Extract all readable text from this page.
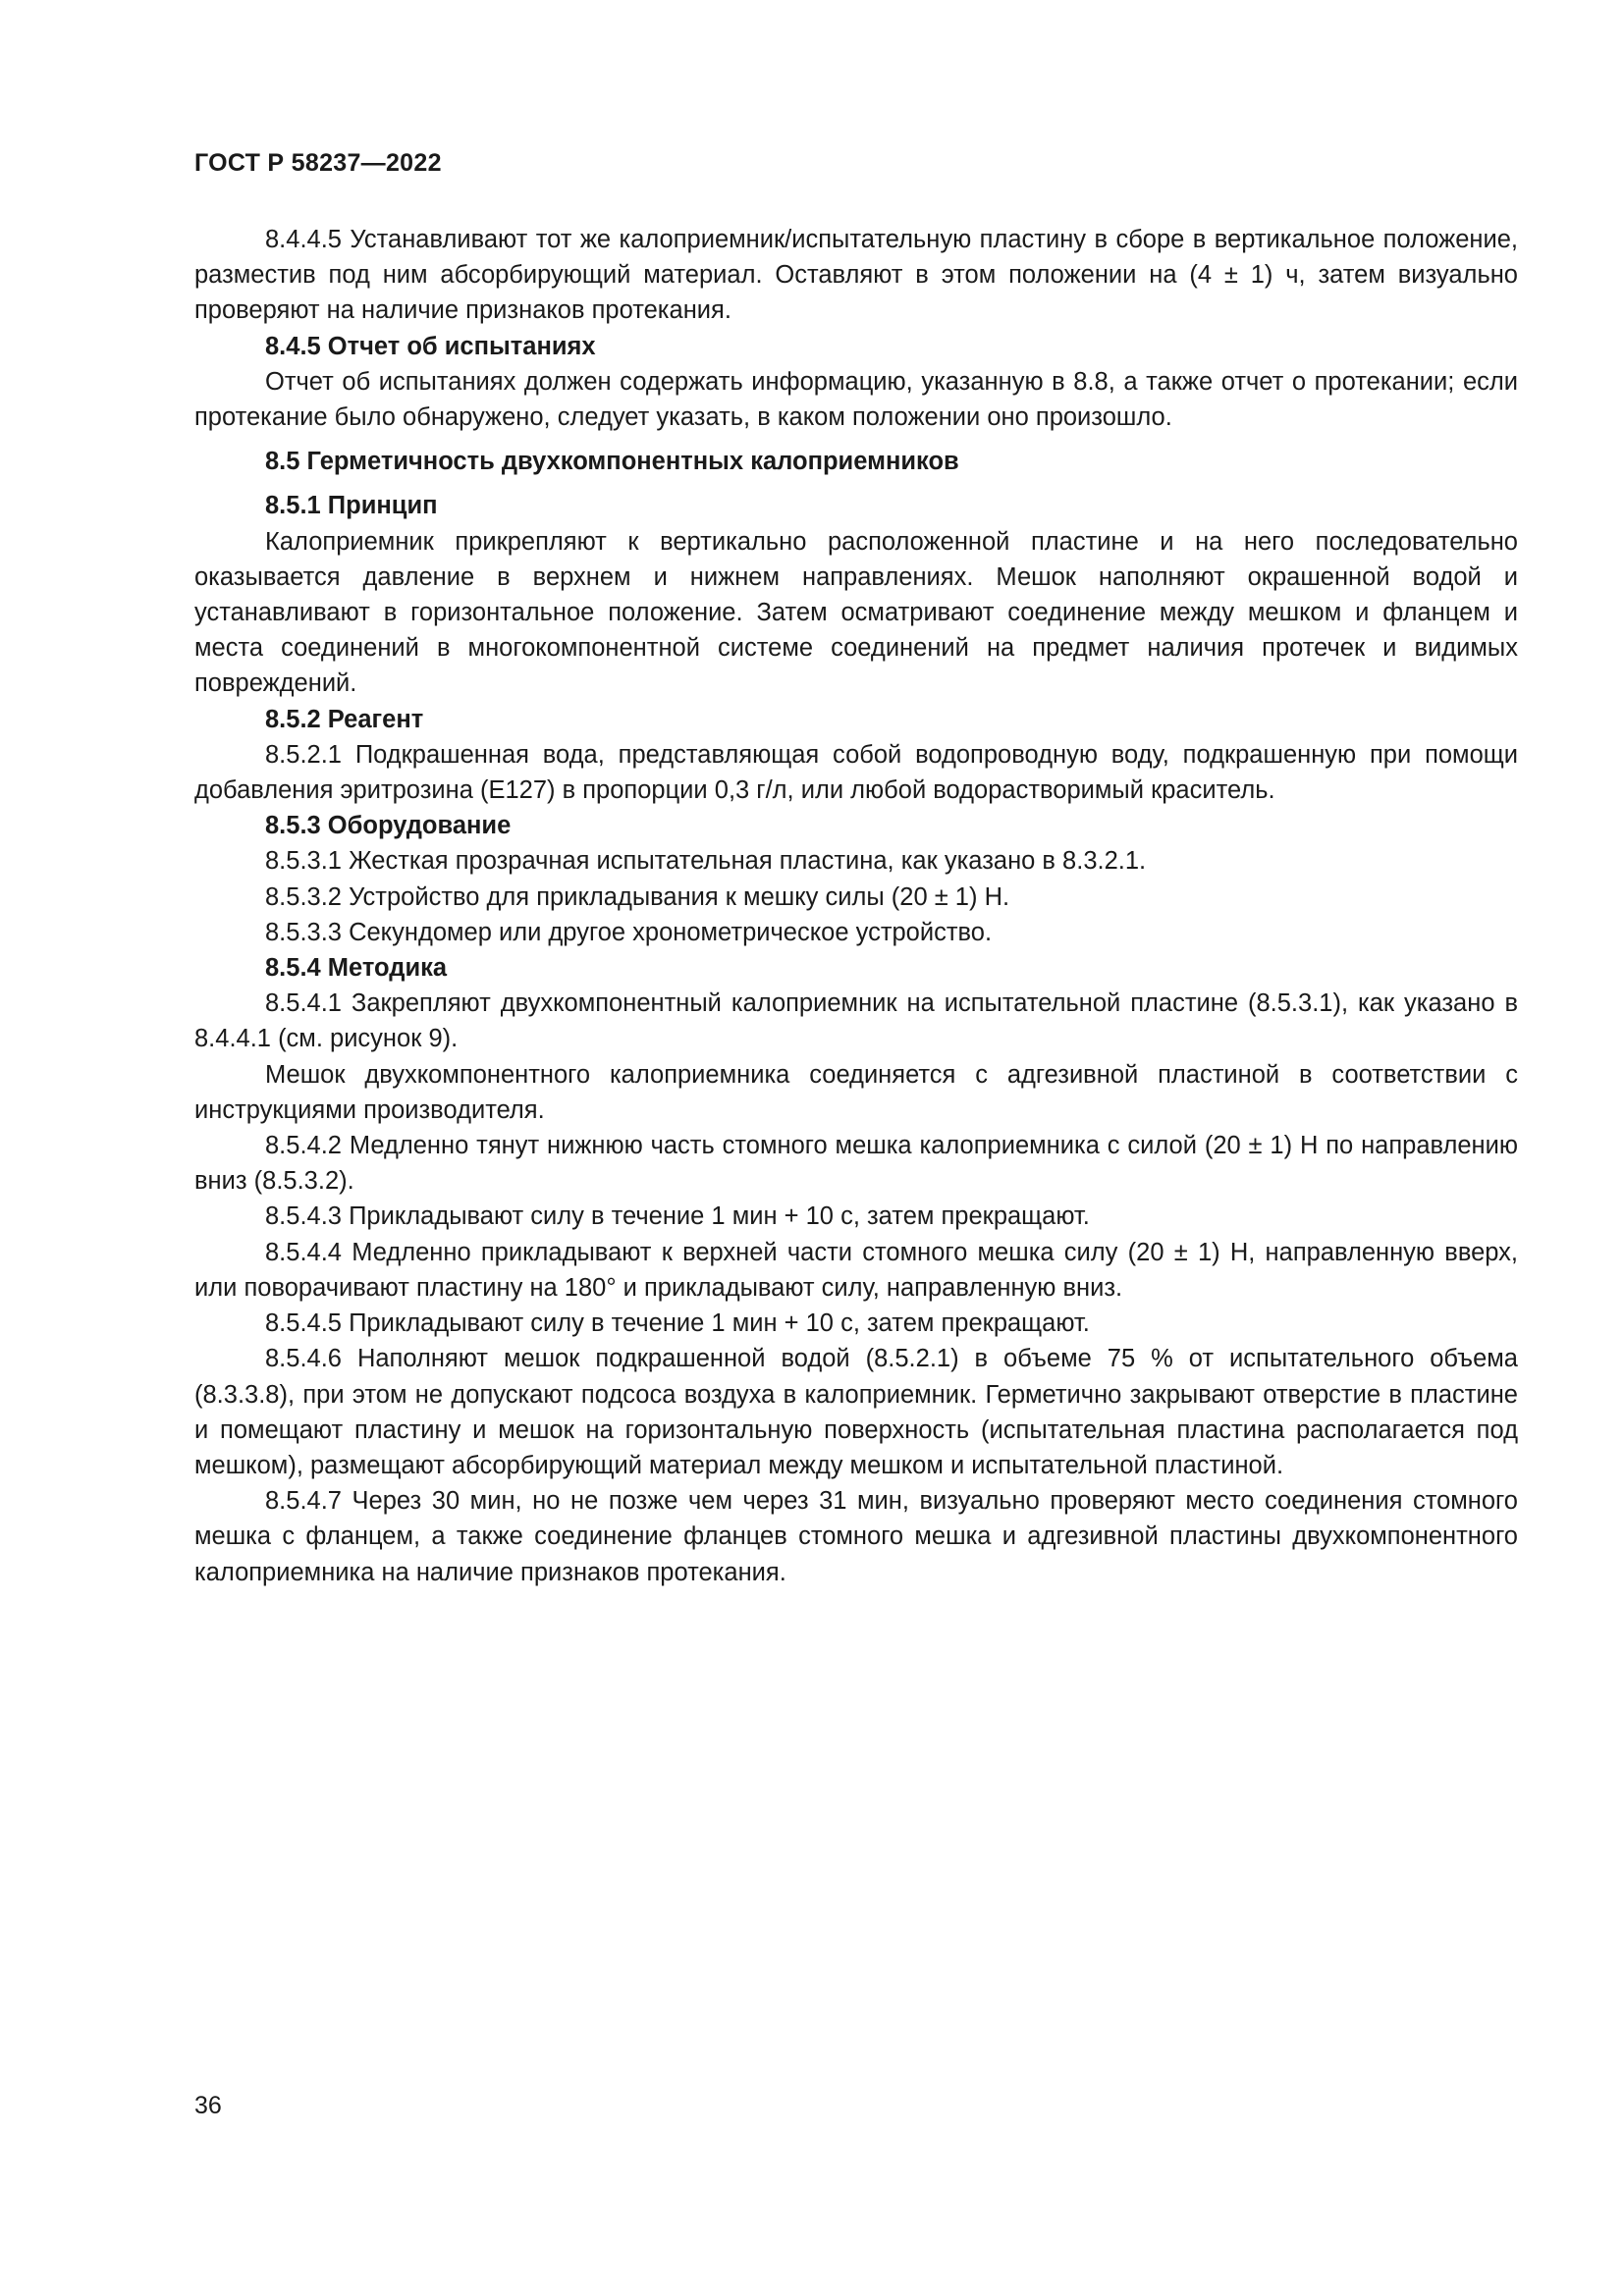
ГОСТ Р 58237—2022

8.4.4.5 Устанавливают тот же калоприемник/испытательную пластину в сборе в вертикальное положение, разместив под ним абсорбирующий материал. Оставляют в этом положении на (4 ± 1) ч, затем визуально проверяют на наличие признаков протекания.

8.4.5 Отчет об испытаниях

Отчет об испытаниях должен содержать информацию, указанную в 8.8, а также отчет о протекании; если протекание было обнаружено, следует указать, в каком положении оно произошло.

8.5 Герметичность двухкомпонентных калоприемников

8.5.1 Принцип

Калоприемник прикрепляют к вертикально расположенной пластине и на него последовательно оказывается давление в верхнем и нижнем направлениях. Мешок наполняют окрашенной водой и устанавливают в горизонтальное положение. Затем осматривают соединение между мешком и фланцем и места соединений в многокомпонентной системе соединений на предмет наличия протечек и видимых повреждений.

8.5.2 Реагент

8.5.2.1 Подкрашенная вода, представляющая собой водопроводную воду, подкрашенную при помощи добавления эритрозина (Е127) в пропорции 0,3 г/л, или любой водорастворимый краситель.

8.5.3 Оборудование

8.5.3.1 Жесткая прозрачная испытательная пластина, как указано в 8.3.2.1.

8.5.3.2 Устройство для прикладывания к мешку силы (20 ± 1) Н.

8.5.3.3 Секундомер или другое хронометрическое устройство.

8.5.4 Методика

8.5.4.1 Закрепляют двухкомпонентный калоприемник на испытательной пластине (8.5.3.1), как указано в 8.4.4.1 (см. рисунок 9).

Мешок двухкомпонентного калоприемника соединяется с адгезивной пластиной в соответствии с инструкциями производителя.

8.5.4.2 Медленно тянут нижнюю часть стомного мешка калоприемника с силой (20 ± 1) Н по направлению вниз (8.5.3.2).

8.5.4.3 Прикладывают силу в течение 1 мин + 10 с, затем прекращают.

8.5.4.4 Медленно прикладывают к верхней части стомного мешка силу (20 ± 1) Н, направленную вверх, или поворачивают пластину на 180° и прикладывают силу, направленную вниз.

8.5.4.5 Прикладывают силу в течение 1 мин + 10 с, затем прекращают.

8.5.4.6 Наполняют мешок подкрашенной водой (8.5.2.1) в объеме 75 % от испытательного объема (8.3.3.8), при этом не допускают подсоса воздуха в калоприемник. Герметично закрывают отверстие в пластине и помещают пластину и мешок на горизонтальную поверхность (испытательная пластина располагается под мешком), размещают абсорбирующий материал между мешком и испытательной пластиной.

8.5.4.7 Через 30 мин, но не позже чем через 31 мин, визуально проверяют место соединения стомного мешка с фланцем, а также соединение фланцев стомного мешка и адгезивной пластины двухкомпонентного калоприемника на наличие признаков протекания.

36
